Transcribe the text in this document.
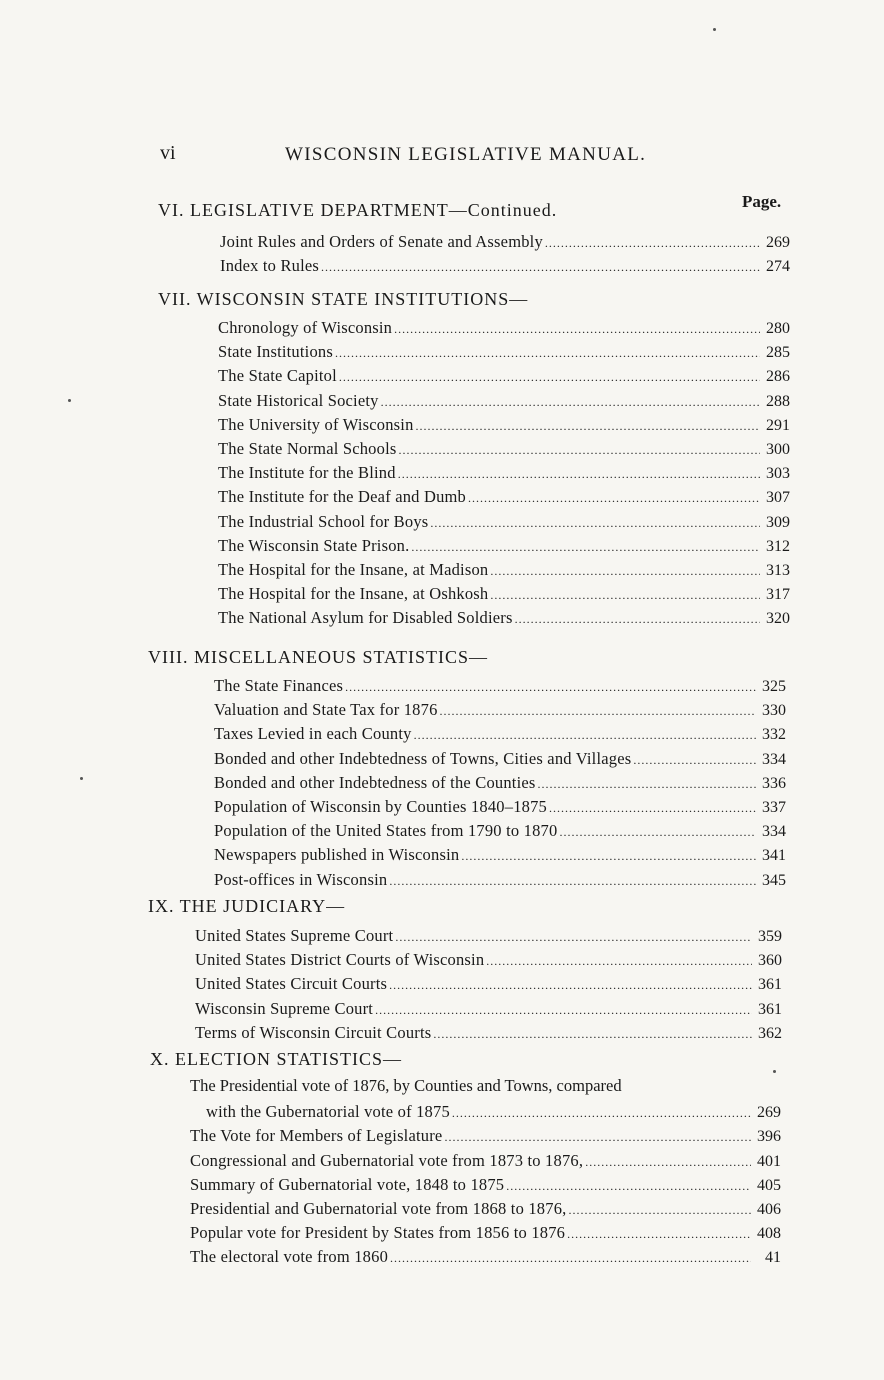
vi	WISCONSIN LEGISLATIVE MANUAL.
Page.
VI. LEGISLATIVE DEPARTMENT—Continued.
Joint Rules and Orders of Senate and Assembly .....	269
Index to Rules .....	274
VII. WISCONSIN STATE INSTITUTIONS—
Chronology of Wisconsin .....	280
State Institutions .....	285
The State Capitol .....	286
State Historical Society .....	288
The University of Wisconsin .....	291
The State Normal Schools .....	300
The Institute for the Blind .....	303
The Institute for the Deaf and Dumb .....	307
The Industrial School for Boys .....	309
The Wisconsin State Prison. .....	312
The Hospital for the Insane, at Madison .....	313
The Hospital for the Insane, at Oshkosh .....	317
The National Asylum for Disabled Soldiers .....	320
VIII. MISCELLANEOUS STATISTICS—
The State Finances .....	325
Valuation and State Tax for 1876 .....	330
Taxes Levied in each County .....	332
Bonded and other Indebtedness of Towns, Cities and Villages .....	334
Bonded and other Indebtedness of the Counties .....	336
Population of Wisconsin by Counties 1840–1875 .....	337
Population of the United States from 1790 to 1870 .....	334
Newspapers published in Wisconsin .....	341
Post-offices in Wisconsin .....	345
IX. THE JUDICIARY—
United States Supreme Court .....	359
United States District Courts of Wisconsin .....	360
United States Circuit Courts .....	361
Wisconsin Supreme Court .....	361
Terms of Wisconsin Circuit Courts .....	362
X. ELECTION STATISTICS—
The Presidential vote of 1876, by Counties and Towns, compared
with the Gubernatorial vote of 1875 .....	269
The Vote for Members of Legislature .....	396
Congressional and Gubernatorial vote from 1873 to 1876, .....	401
Summary of Gubernatorial vote, 1848 to 1875 .....	405
Presidential and Gubernatorial vote from 1868 to 1876, .....	406
Popular vote for President by States from 1856 to 1876 .....	408
The electoral vote from 1860 .....	41
